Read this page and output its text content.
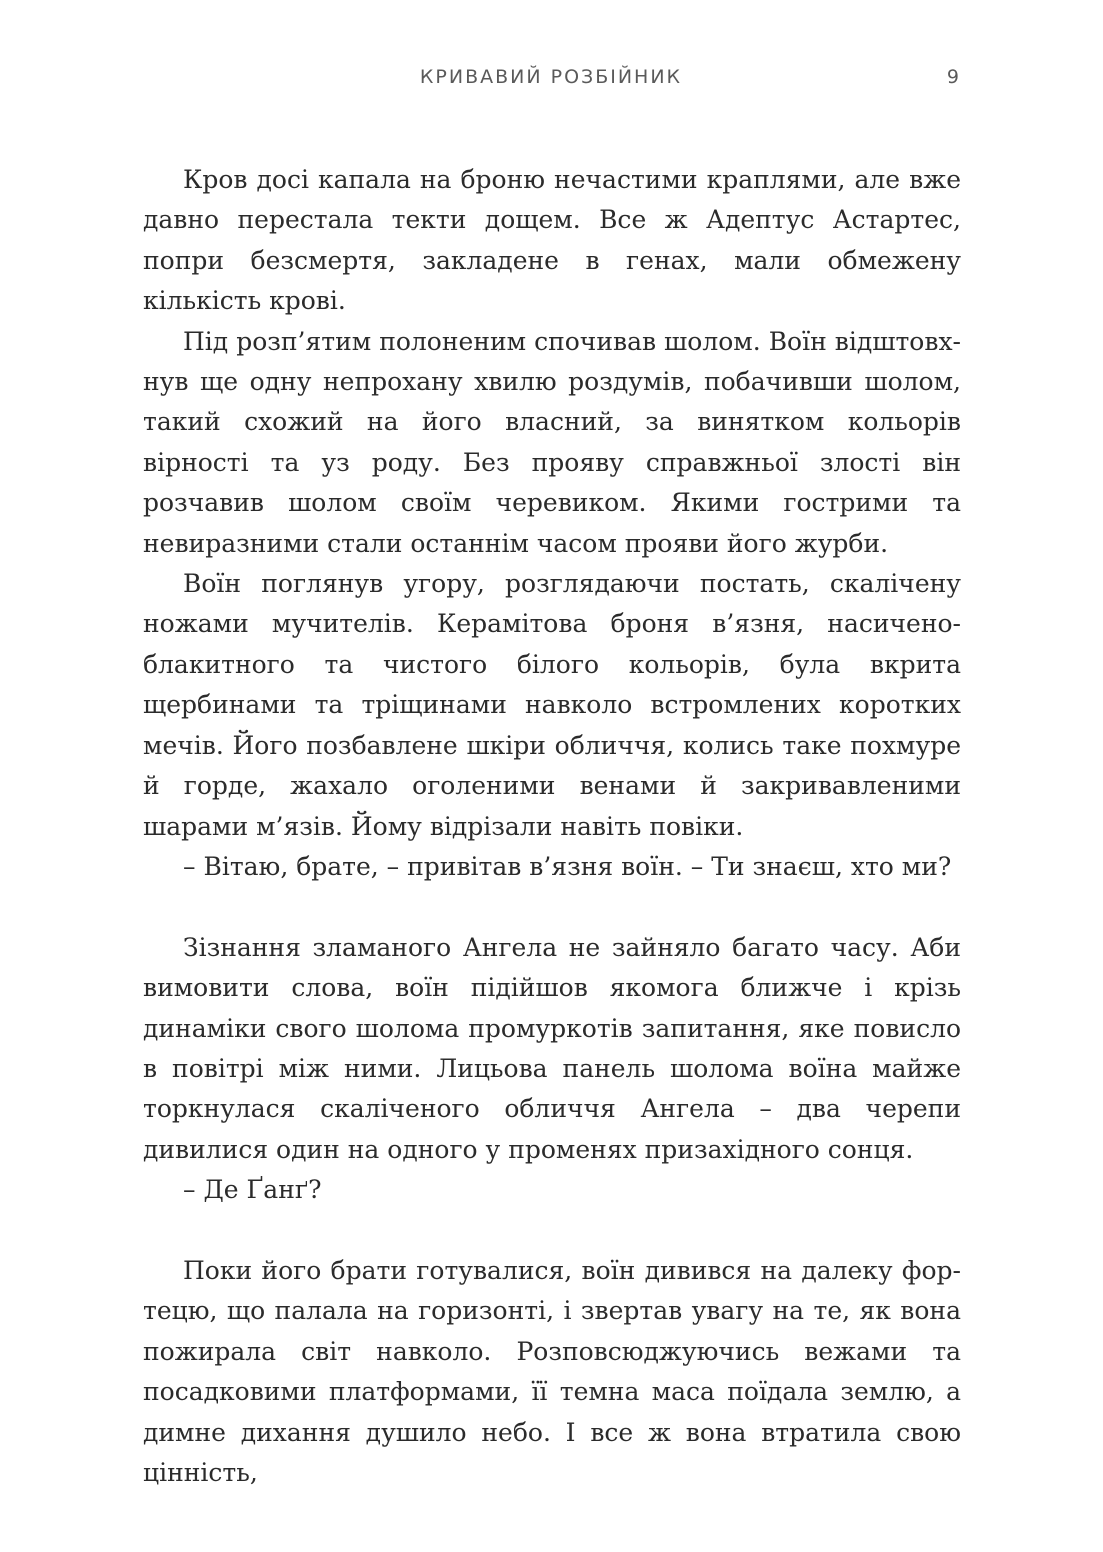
КРИВАВИЙ РОЗБІЙНИК	9

Кров досі капала на броню нечастими краплями, але вже давно перестала текти дощем. Все ж Адептус Астартес, попри безсмертя, закладене в генах, мали обмежену кількість крові.

Під розп’ятим полоненим спочивав шолом. Воїн відштовхнув ще одну непрохану хвилю роздумів, побачивши шолом, такий схожий на його власний, за винятком кольорів вірності та уз роду. Без прояву справжньої злості він розчавив шолом своїм черевиком. Якими гострими та невиразними стали останнім часом прояви його журби.

Воїн поглянув угору, розглядаючи постать, скалічену ножами мучителів. Керамітова броня в’язня, насичено-блакитного та чистого білого кольорів, була вкрита щербинами та тріщинами навколо встромлених коротких мечів. Його позбавлене шкіри обличчя, колись таке похмуре й горде, жахало оголеними венами й закривавленими шарами м’язів. Йому відрізали навіть повіки.

– Вітаю, брате, – привітав в’язня воїн. – Ти знаєш, хто ми?

Зізнання зламаного Ангела не зайняло багато часу. Аби вимовити слова, воїн підійшов якомога ближче і крізь динаміки свого шолома промуркотів запитання, яке повисло в повітрі між ними. Лицьова панель шолома воїна майже торкнулася скаліченого обличчя Ангела – два черепи дивилися один на одного у променях призахідного сонця.

– Де Ґанґ?

Поки його брати готувалися, воїн дивився на далеку фортецю, що палала на горизонті, і звертав увагу на те, як вона пожирала світ навколо. Розповсюджуючись вежами та посадковими платформами, її темна маса поїдала землю, а димне дихання душило небо. І все ж вона втратила свою цінність,
